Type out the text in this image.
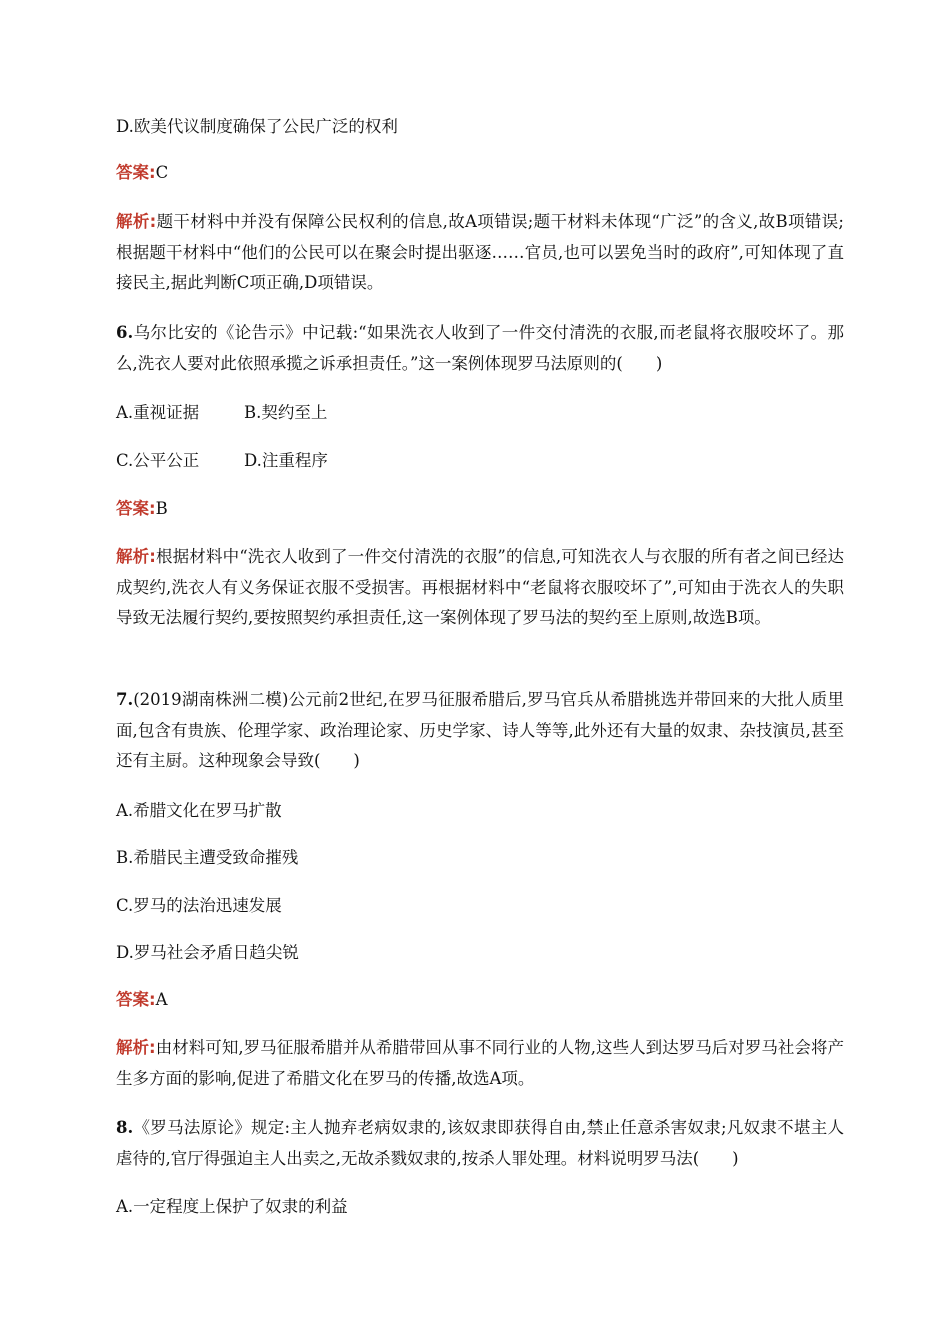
D.欧美代议制度确保了公民广泛的权利
答案:C
解析:题干材料中并没有保障公民权利的信息,故A项错误;题干材料未体现“广泛”的含义,故B项错误;根据题干材料中“他们的公民可以在聚会时提出驱逐……官员,也可以罢免当时的政府”,可知体现了直接民主,据此判断C项正确,D项错误。
6.乌尔比安的《论告示》中记载:“如果洗衣人收到了一件交付清洗的衣服,而老鼠将衣服咬坏了。那么,洗衣人要对此依照承揽之诉承担责任。”这一案例体现罗马法原则的(　　)
A.重视证据	B.契约至上
C.公平公正	D.注重程序
答案:B
解析:根据材料中“洗衣人收到了一件交付清洗的衣服”的信息,可知洗衣人与衣服的所有者之间已经达成契约,洗衣人有义务保证衣服不受损害。再根据材料中“老鼠将衣服咬坏了”,可知由于洗衣人的失职导致无法履行契约,要按照契约承担责任,这一案例体现了罗马法的契约至上原则,故选B项。
7.(2019湖南株洲二模)公元前2世纪,在罗马征服希腊后,罗马官兵从希腊挑选并带回来的大批人质里面,包含有贵族、伦理学家、政治理论家、历史学家、诗人等等,此外还有大量的奴隶、杂技演员,甚至还有主厨。这种现象会导致(　　)
A.希腊文化在罗马扩散
B.希腊民主遭受致命摧残
C.罗马的法治迅速发展
D.罗马社会矛盾日趋尖锐
答案:A
解析:由材料可知,罗马征服希腊并从希腊带回从事不同行业的人物,这些人到达罗马后对罗马社会将产生多方面的影响,促进了希腊文化在罗马的传播,故选A项。
8.《罗马法原论》规定:主人抛弃老病奴隶的,该奴隶即获得自由,禁止任意杀害奴隶;凡奴隶不堪主人虐待的,官厅得强迫主人出卖之,无故杀戮奴隶的,按杀人罪处理。材料说明罗马法(　　)
A.一定程度上保护了奴隶的利益
